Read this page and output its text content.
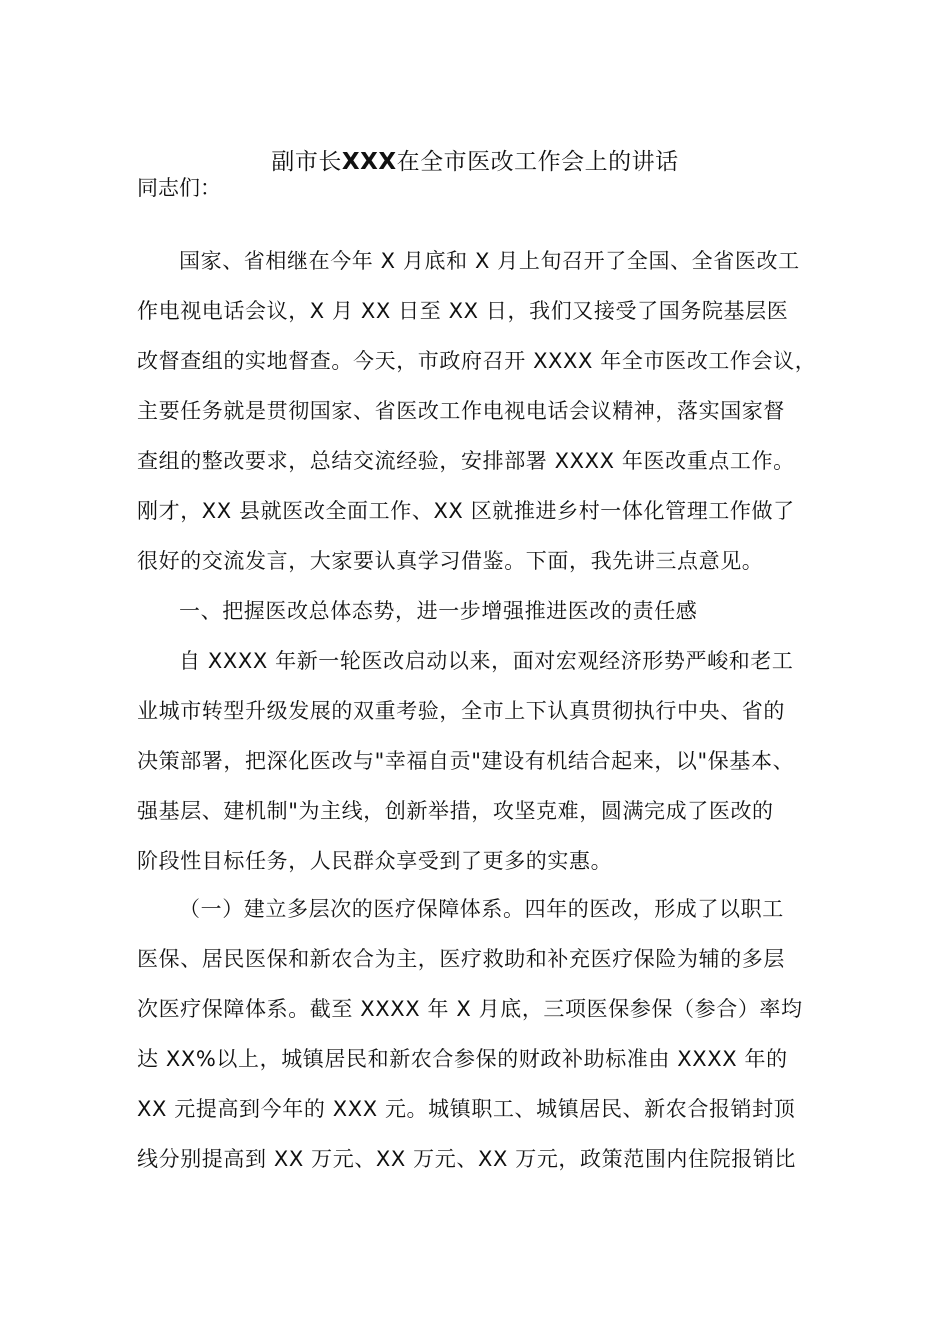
副市长XXX在全市医改工作会上的讲话
同志们：
国家、省相继在今年 X 月底和 X 月上旬召开了全国、全省医改工
作电视电话会议，X 月 XX 日至 XX 日，我们又接受了国务院基层医
改督查组的实地督查。今天，市政府召开 XXXX 年全市医改工作会议，
主要任务就是贯彻国家、省医改工作电视电话会议精神，落实国家督
查组的整改要求，总结交流经验，安排部署 XXXX 年医改重点工作。
刚才，XX 县就医改全面工作、XX 区就推进乡村一体化管理工作做了
很好的交流发言，大家要认真学习借鉴。下面，我先讲三点意见。
一、把握医改总体态势，进一步增强推进医改的责任感
自 XXXX 年新一轮医改启动以来，面对宏观经济形势严峻和老工
业城市转型升级发展的双重考验，全市上下认真贯彻执行中央、省的
决策部署，把深化医改与"幸福自贡"建设有机结合起来，以"保基本、
强基层、建机制"为主线，创新举措，攻坚克难，圆满完成了医改的
阶段性目标任务，人民群众享受到了更多的实惠。
（一）建立多层次的医疗保障体系。四年的医改，形成了以职工
医保、居民医保和新农合为主，医疗救助和补充医疗保险为辅的多层
次医疗保障体系。截至 XXXX 年 X 月底，三项医保参保（参合）率均
达 XX%以上，城镇居民和新农合参保的财政补助标准由 XXXX 年的
XX 元提高到今年的 XXX 元。城镇职工、城镇居民、新农合报销封顶
线分别提高到 XX 万元、XX 万元、XX 万元，政策范围内住院报销比
